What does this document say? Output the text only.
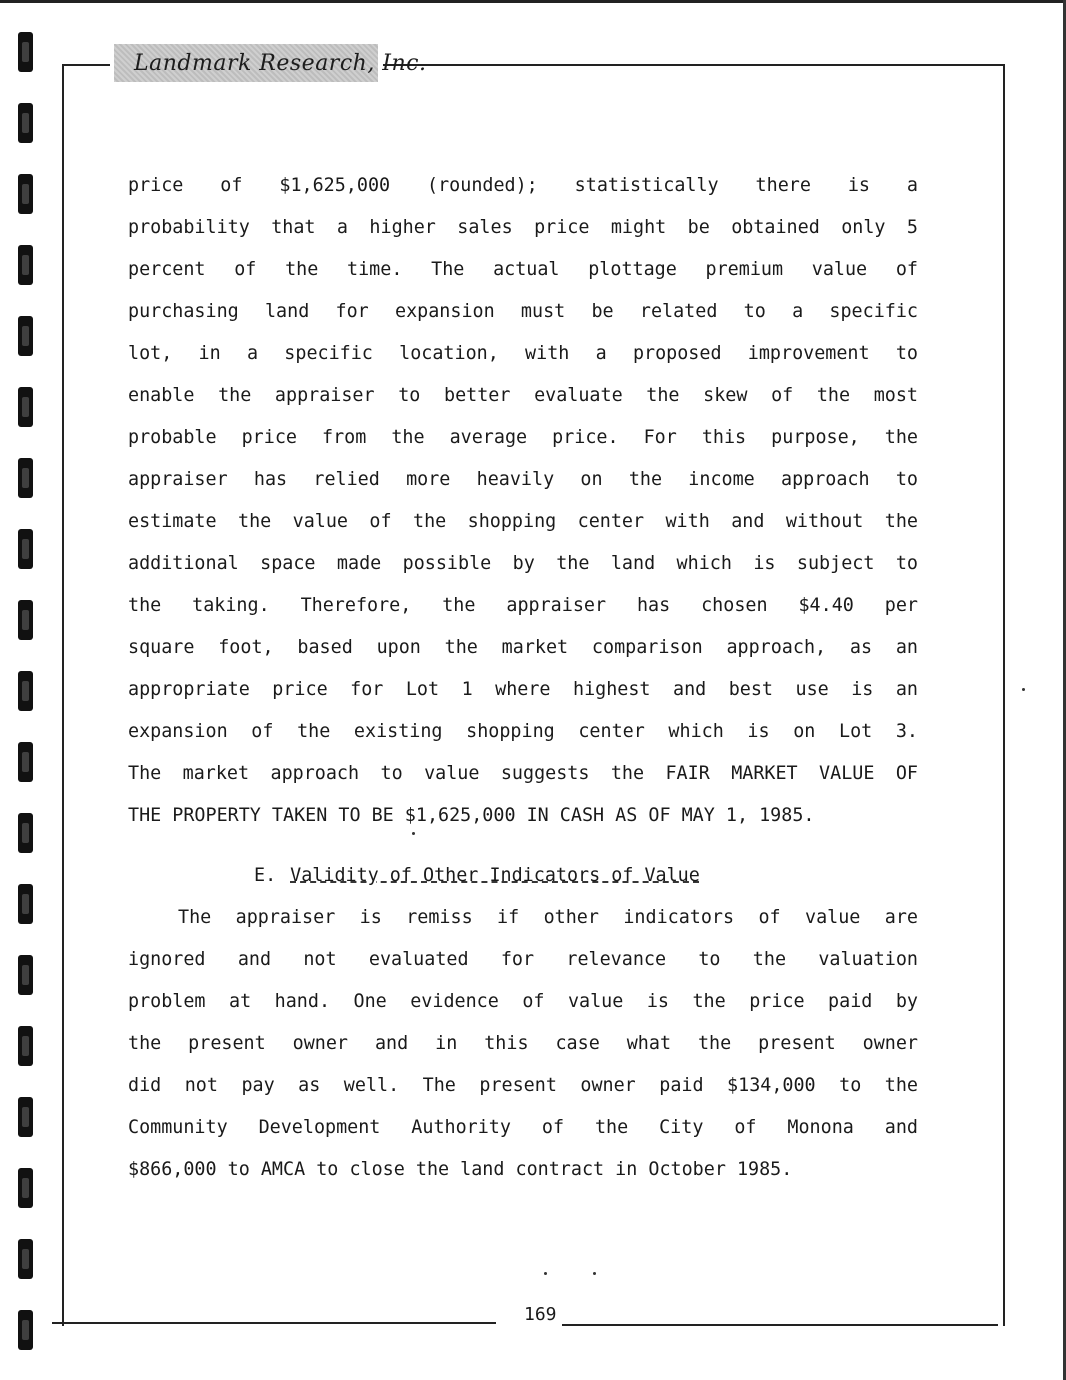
Landmark Research, Inc.
price of $1,625,000 (rounded); statistically there is a
probability that a higher sales price might be obtained only 5
percent of the time. The actual plottage premium value of
purchasing land for expansion must be related to a specific
lot, in a specific location, with a proposed improvement to
enable the appraiser to better evaluate the skew of the most
probable price from the average price. For this purpose, the
appraiser has relied more heavily on the income approach to
estimate the value of the shopping center with and without the
additional space made possible by the land which is subject to
the taking. Therefore, the appraiser has chosen $4.40 per
square foot, based upon the market comparison approach, as an
appropriate price for Lot 1 where highest and best use is an
expansion of the existing shopping center which is on Lot 3.
The market approach to value suggests the FAIR MARKET VALUE OF
THE PROPERTY TAKEN TO BE $1,625,000 IN CASH AS OF MAY 1, 1985.
E. Validity of Other Indicators of Value
The appraiser is remiss if other indicators of value are
ignored and not evaluated for relevance to the valuation
problem at hand. One evidence of value is the price paid by
the present owner and in this case what the present owner
did not pay as well. The present owner paid $134,000 to the
Community Development Authority of the City of Monona and
$866,000 to AMCA to close the land contract in October 1985.
169
